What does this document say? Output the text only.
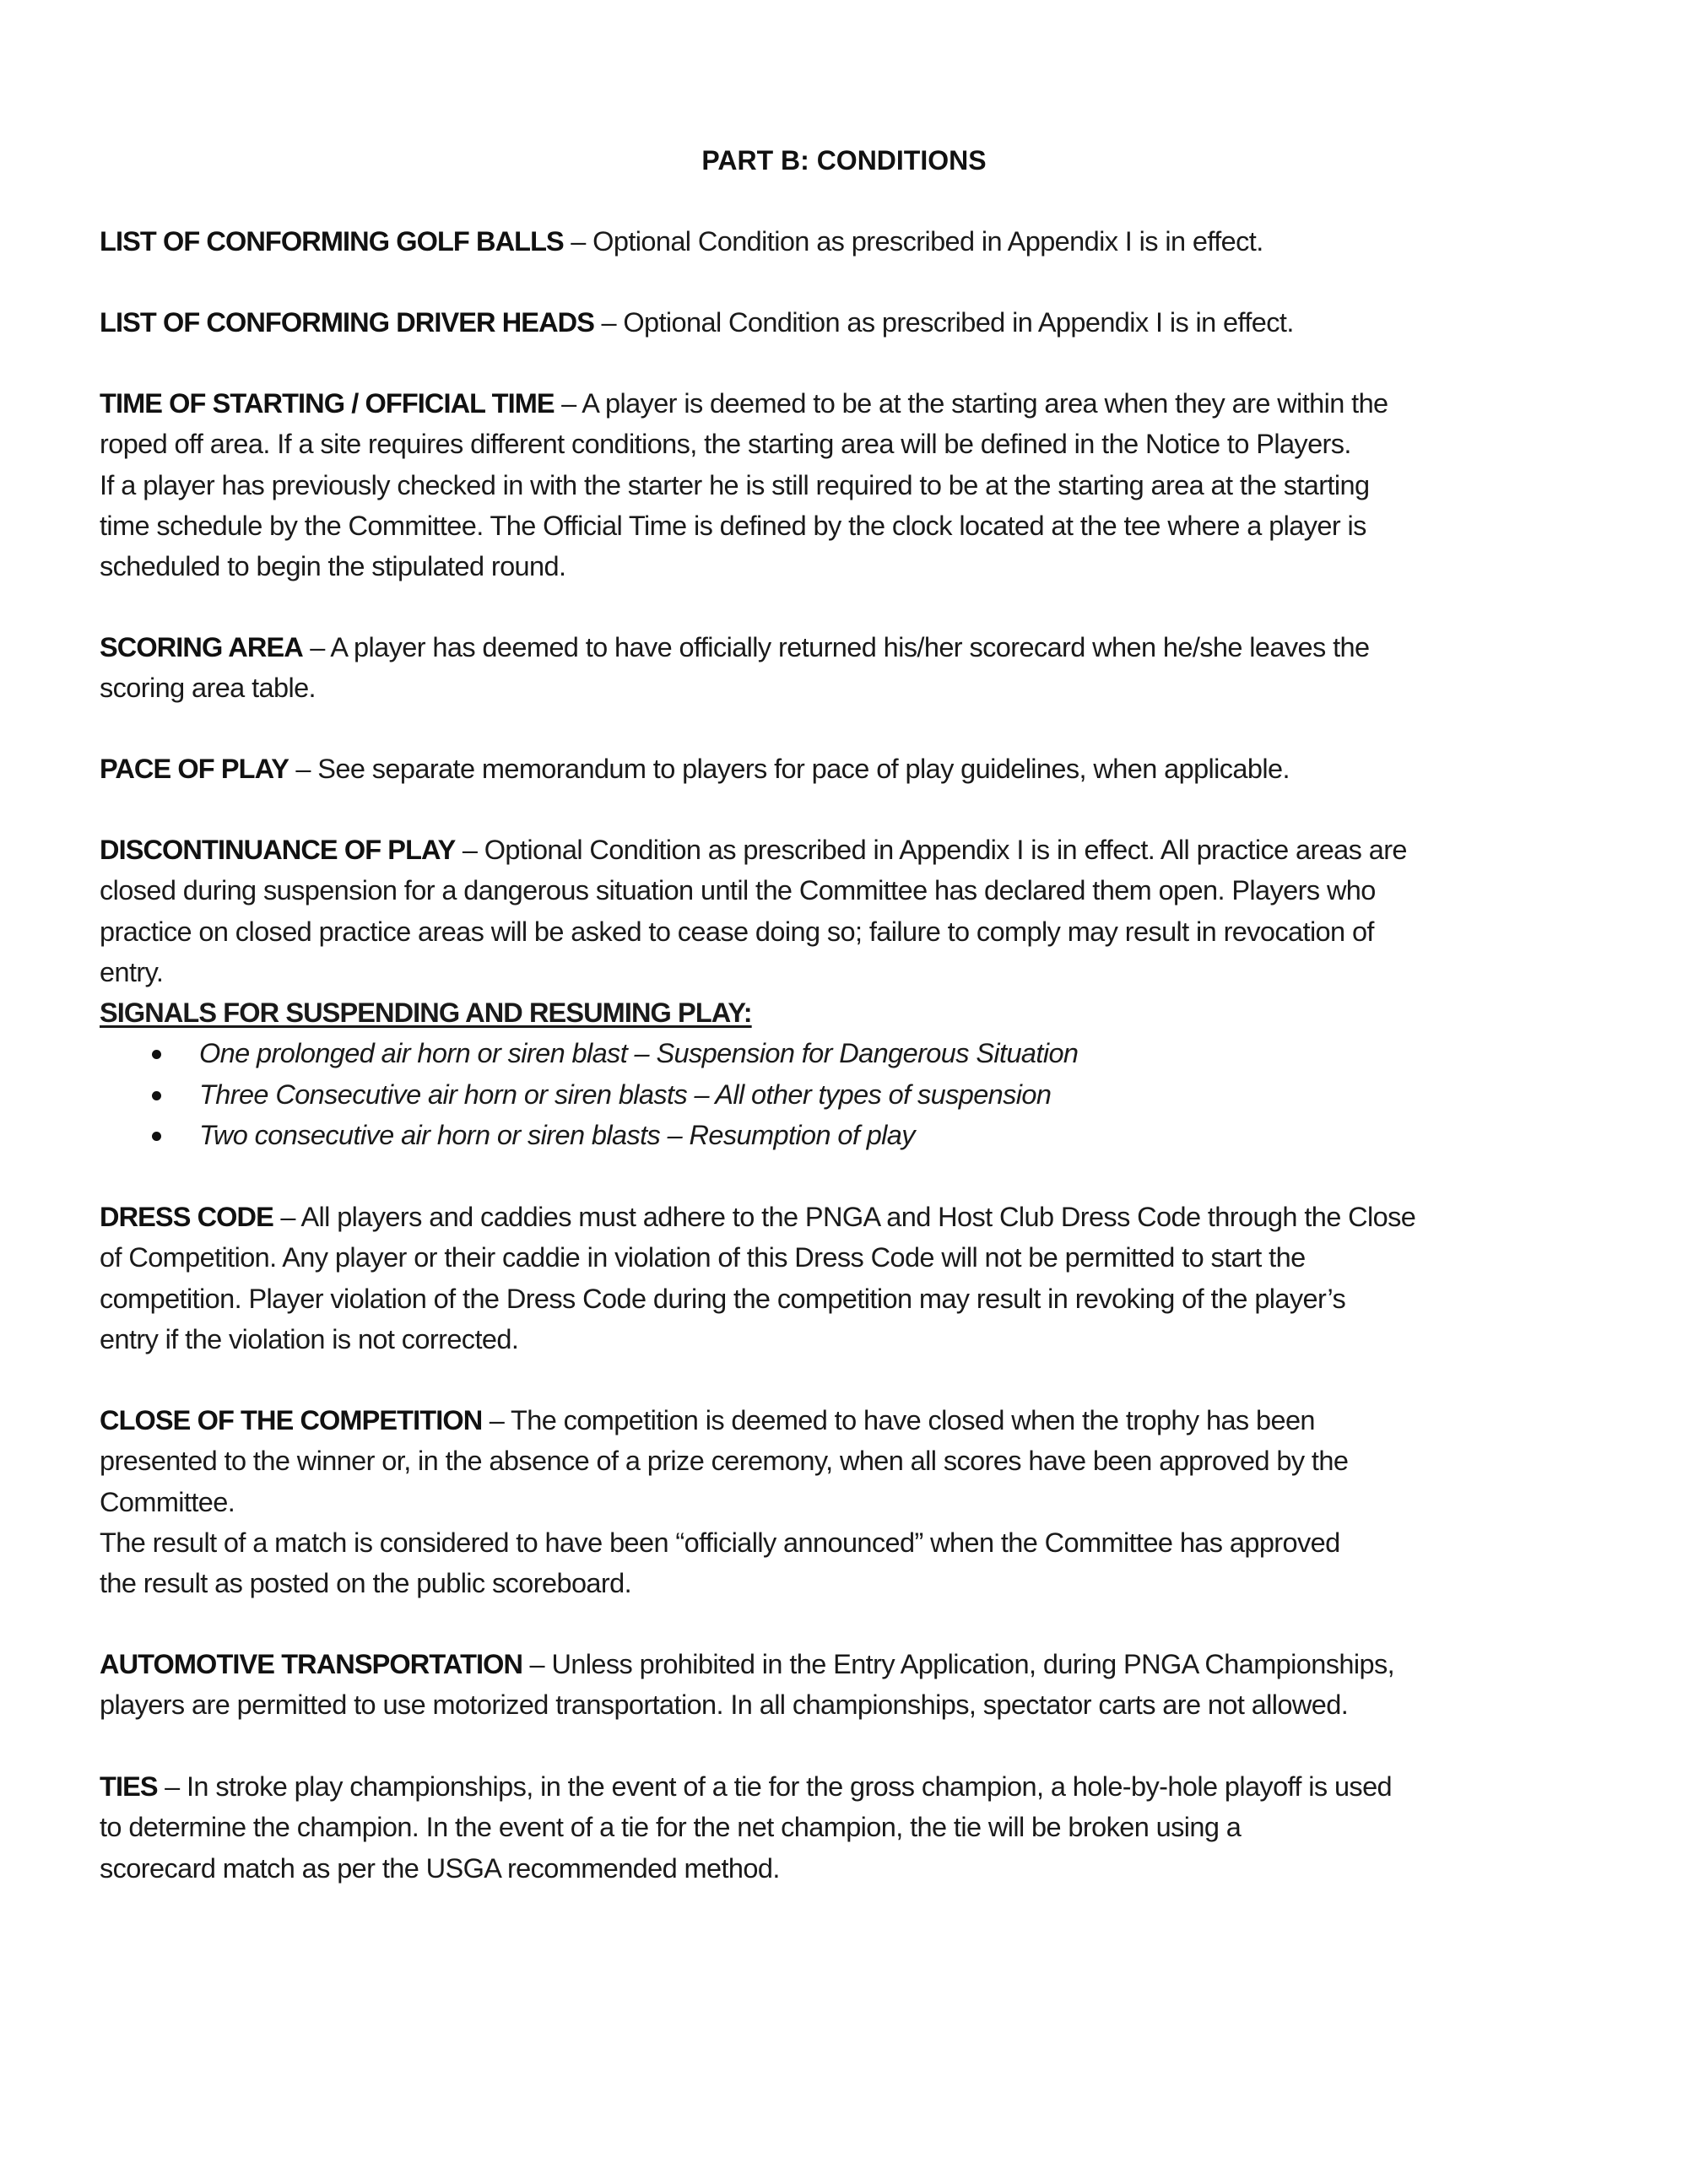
PART B: CONDITIONS
LIST OF CONFORMING GOLF BALLS – Optional Condition as prescribed in Appendix I is in effect.
LIST OF CONFORMING DRIVER HEADS – Optional Condition as prescribed in Appendix I is in effect.
TIME OF STARTING / OFFICIAL TIME – A player is deemed to be at the starting area when they are within the
roped off area. If a site requires different conditions, the starting area will be defined in the Notice to Players.
If a player has previously checked in with the starter he is still required to be at the starting area at the starting
time schedule by the Committee. The Official Time is defined by the clock located at the tee where a player is
scheduled to begin the stipulated round.
SCORING AREA – A player has deemed to have officially returned his/her scorecard when he/she leaves the
scoring area table.
PACE OF PLAY – See separate memorandum to players for pace of play guidelines, when applicable.
DISCONTINUANCE OF PLAY – Optional Condition as prescribed in Appendix I is in effect. All practice areas are
closed during suspension for a dangerous situation until the Committee has declared them open. Players who
practice on closed practice areas will be asked to cease doing so; failure to comply may result in revocation of
entry.
SIGNALS FOR SUSPENDING AND RESUMING PLAY:
One prolonged air horn or siren blast – Suspension for Dangerous Situation
Three Consecutive air horn or siren blasts – All other types of suspension
Two consecutive air horn or siren blasts – Resumption of play
DRESS CODE – All players and caddies must adhere to the PNGA and Host Club Dress Code through the Close
of Competition. Any player or their caddie in violation of this Dress Code will not be permitted to start the
competition. Player violation of the Dress Code during the competition may result in revoking of the player’s
entry if the violation is not corrected.
CLOSE OF THE COMPETITION – The competition is deemed to have closed when the trophy has been
presented to the winner or, in the absence of a prize ceremony, when all scores have been approved by the
Committee.
The result of a match is considered to have been “officially announced” when the Committee has approved
the result as posted on the public scoreboard.
AUTOMOTIVE TRANSPORTATION – Unless prohibited in the Entry Application, during PNGA Championships,
players are permitted to use motorized transportation. In all championships, spectator carts are not allowed.
TIES – In stroke play championships, in the event of a tie for the gross champion, a hole-by-hole playoff is used
to determine the champion. In the event of a tie for the net champion, the tie will be broken using a
scorecard match as per the USGA recommended method.
